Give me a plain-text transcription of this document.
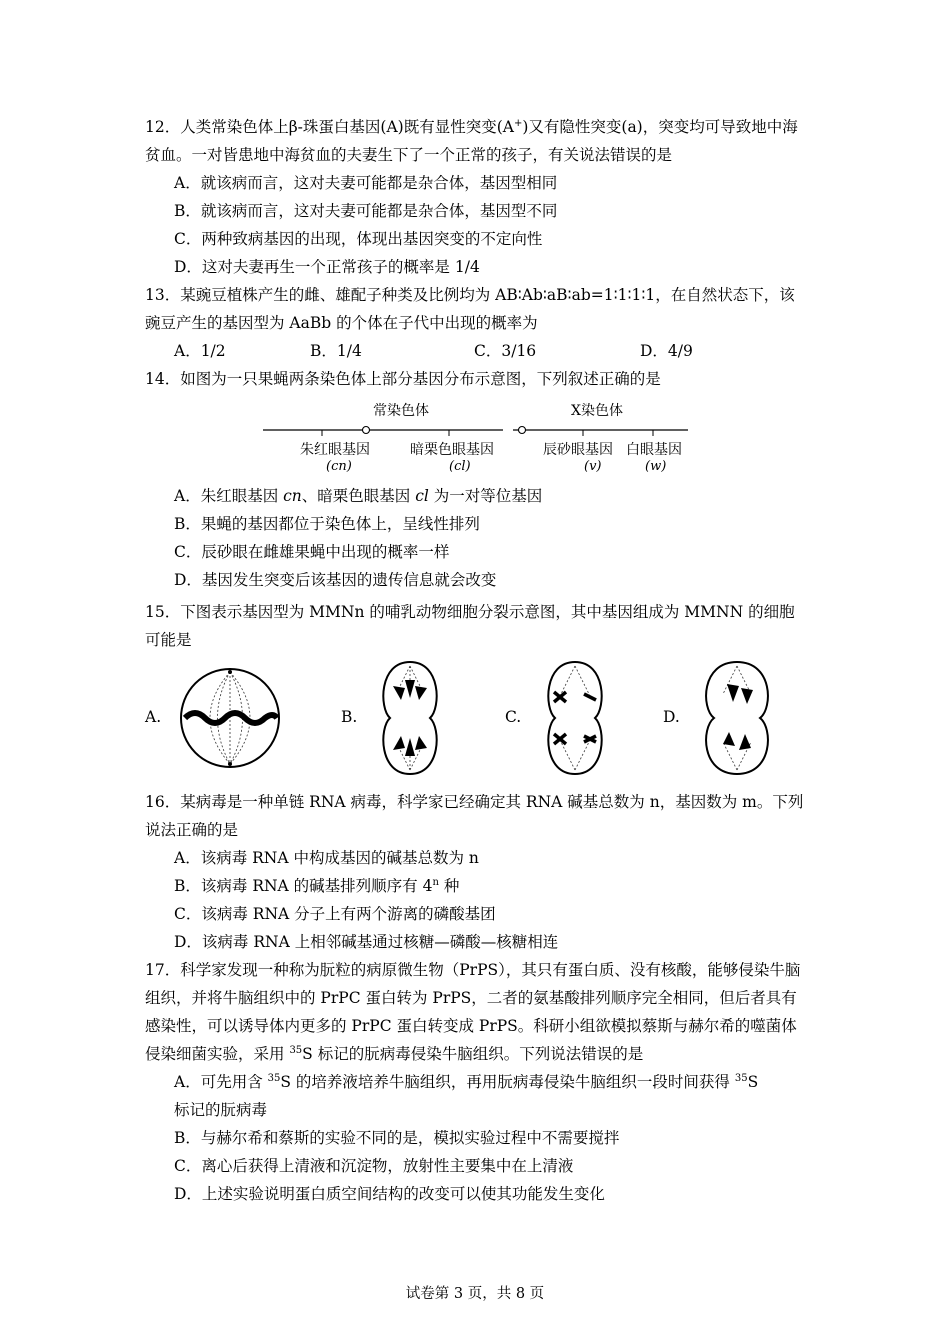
12．人类常染色体上β-珠蛋白基因(A)既有显性突变(A+)又有隐性突变(a)，突变均可导致地中海贫血。一对皆患地中海贫血的夫妻生下了一个正常的孩子，有关说法错误的是

A．就该病而言，这对夫妻可能都是杂合体，基因型相同

B．就该病而言，这对夫妻可能都是杂合体，基因型不同

C．两种致病基因的出现，体现出基因突变的不定向性

D．这对夫妻再生一个正常孩子的概率是 1/4

13．某豌豆植株产生的雌、雄配子种类及比例均为 AB∶Ab∶aB∶ab=1∶1∶1∶1，在自然状态下，该豌豆产生的基因型为 AaBb 的个体在子代中出现的概率为

A．1/2	B．1/4	C．3/16	D．4/9

14．如图为一只果蝇两条染色体上部分基因分布示意图，下列叙述正确的是

常染色体	X染色体
朱红眼基因	暗栗色眼基因	辰砂眼基因 白眼基因
(cn)	(cl)	(v)	(w)

A．朱红眼基因 cn、暗栗色眼基因 cl 为一对等位基因

B．果蝇的基因都位于染色体上，呈线性排列

C．辰砂眼在雌雄果蝇中出现的概率一样

D．基因发生突变后该基因的遗传信息就会改变

15．下图表示基因型为 MMNn 的哺乳动物细胞分裂示意图，其中基因组成为 MMNN 的细胞可能是

A.	B.	C.	D.

16．某病毒是一种单链 RNA 病毒，科学家已经确定其 RNA 碱基总数为 n，基因数为 m。下列说法正确的是

A．该病毒 RNA 中构成基因的碱基总数为 n

B．该病毒 RNA 的碱基排列顺序有 4$^n$ 种

C．该病毒 RNA 分子上有两个游离的磷酸基团

D．该病毒 RNA 上相邻碱基通过核糖—磷酸—核糖相连

17．科学家发现一种称为朊粒的病原微生物（PrPS），其只有蛋白质、没有核酸，能够侵染牛脑组织，并将牛脑组织中的 PrPC 蛋白转为 PrPS，二者的氨基酸排列顺序完全相同，但后者具有感染性，可以诱导体内更多的 PrPC 蛋白转变成 PrPS。科研小组欲模拟蔡斯与赫尔希的噬菌体侵染细菌实验，采用 $^{35}$S 标记的朊病毒侵染牛脑组织。下列说法错误的是

A．可先用含 $^{35}$S 的培养液培养牛脑组织，再用朊病毒侵染牛脑组织一段时间获得 $^{35}$S

标记的朊病毒

B．与赫尔希和蔡斯的实验不同的是，模拟实验过程中不需要搅拌

C．离心后获得上清液和沉淀物，放射性主要集中在上清液

D．上述实验说明蛋白质空间结构的改变可以使其功能发生变化

试卷第 3 页，共 8 页
